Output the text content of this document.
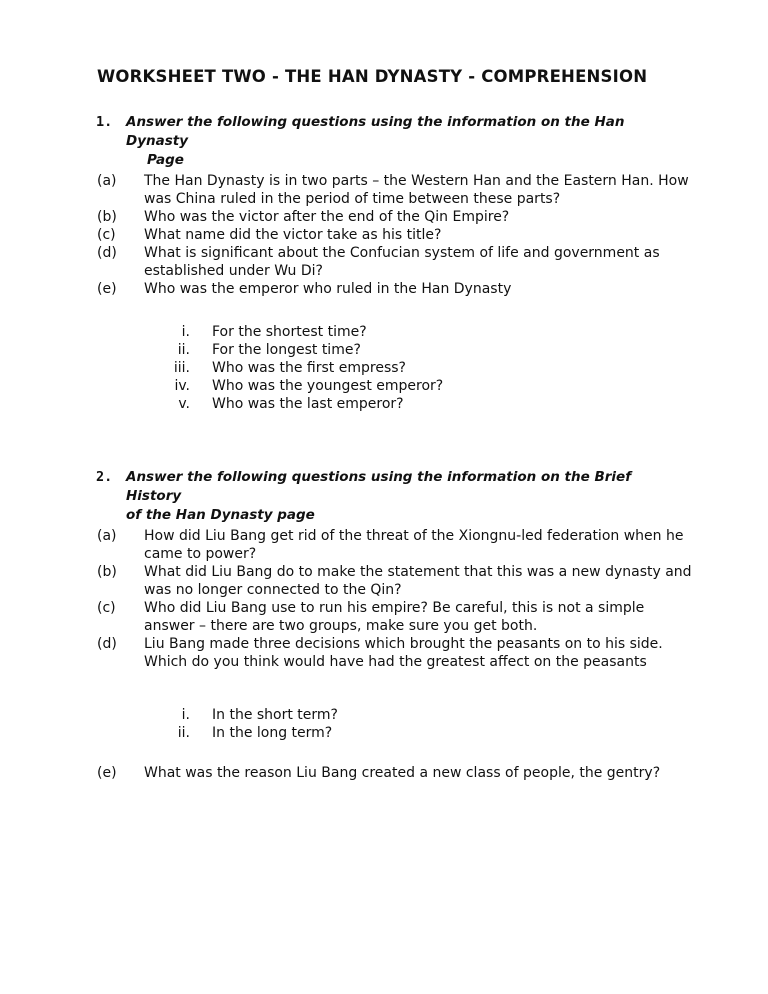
WORKSHEET TWO - THE HAN DYNASTY - COMPREHENSION
1. Answer the following questions using the information on the Han Dynasty
Page
(a) The Han Dynasty is in two parts – the Western Han and the Eastern Han. How was China ruled in the period of time between these parts?
(b) Who was the victor after the end of the Qin Empire?
(c) What name did the victor take as his title?
(d) What is significant about the Confucian system of life and government as established under Wu Di?
(e) Who was the emperor who ruled in the Han Dynasty
i. For the shortest time?
ii. For the longest time?
iii. Who was the first empress?
iv. Who was the youngest emperor?
v. Who was the last emperor?
2. Answer the following questions using the information on the Brief History
of the Han Dynasty page
(a) How did Liu Bang get rid of the threat of the Xiongnu-led federation when he came to power?
(b) What did Liu Bang do to make the statement that this was a new dynasty and was no longer connected to the Qin?
(c) Who did Liu Bang use to run his empire? Be careful, this is not a simple answer – there are two groups, make sure you get both.
(d) Liu Bang made three decisions which brought the peasants on to his side. Which do you think would have had the greatest affect on the peasants
i. In the short term?
ii. In the long term?
(e) What was the reason Liu Bang created a new class of people, the gentry?
